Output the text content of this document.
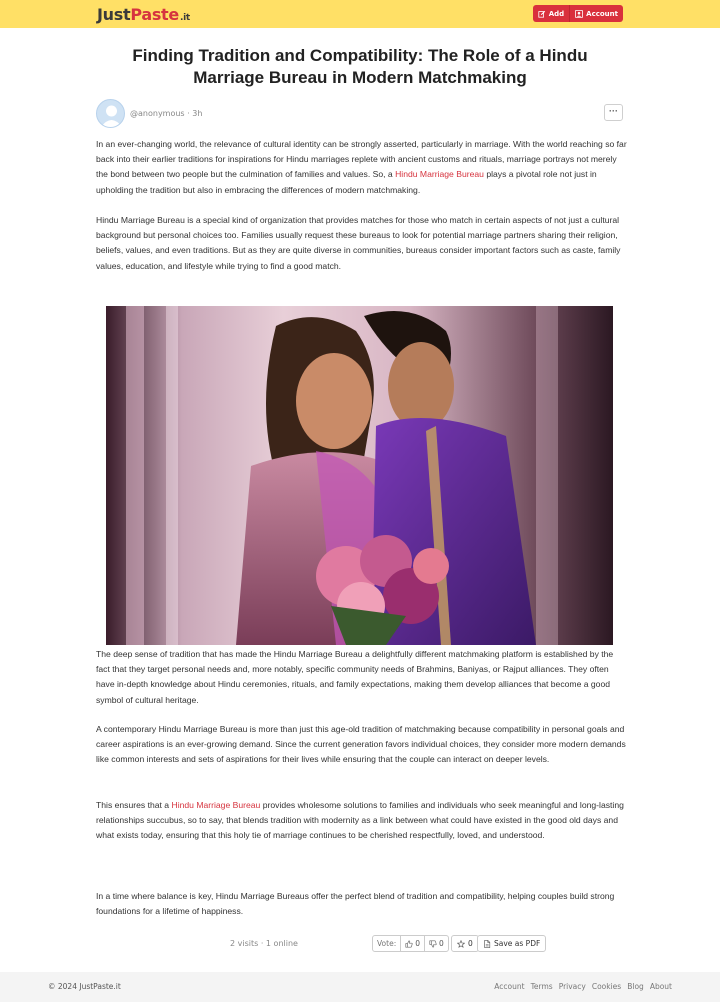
JustPaste.it	Add	Account
Finding Tradition and Compatibility: The Role of a Hindu Marriage Bureau in Modern Matchmaking
@anonymous · 3h	···

In an ever-changing world, the relevance of cultural identity can be strongly asserted, particularly in marriage. With the world reaching so far back into their earlier traditions for inspirations for Hindu marriages replete with ancient customs and rituals, marriage portrays not merely the bond between two people but the culmination of families and values. So, a Hindu Marriage Bureau plays a pivotal role not just in upholding the tradition but also in embracing the differences of modern matchmaking.

Hindu Marriage Bureau is a special kind of organization that provides matches for those who match in certain aspects of not just a cultural background but personal choices too. Families usually request these bureaus to look for potential marriage partners sharing their religion, beliefs, values, and even traditions. But as they are quite diverse in communities, bureaus consider important factors such as caste, family values, education, and lifestyle while trying to find a good match.

The deep sense of tradition that has made the Hindu Marriage Bureau a delightfully different matchmaking platform is established by the fact that they target personal needs and, more notably, specific community needs of Brahmins, Baniyas, or Rajput alliances. They often have in-depth knowledge about Hindu ceremonies, rituals, and family expectations, making them develop alliances that become a good symbol of cultural heritage.

A contemporary Hindu Marriage Bureau is more than just this age-old tradition of matchmaking because compatibility in personal goals and career aspirations is an ever-growing demand. Since the current generation favors individual choices, they consider more modern demands like common interests and sets of aspirations for their lives while ensuring that the couple can interact on deeper levels.

This ensures that a Hindu Marriage Bureau provides wholesome solutions to families and individuals who seek meaningful and long-lasting relationships succubus, so to say, that blends tradition with modernity as a link between what could have existed in the good old days and what exists today, ensuring that this holy tie of marriage continues to be cherished respectfully, loved, and understood.

In a time where balance is key, Hindu Marriage Bureaus offer the perfect blend of tradition and compatibility, helping couples build strong foundations for a lifetime of happiness.

2 visits · 1 online	Vote:	0	0	0	Save as PDF
© 2024 JustPaste.it	Account Terms Privacy Cookies Blog About
